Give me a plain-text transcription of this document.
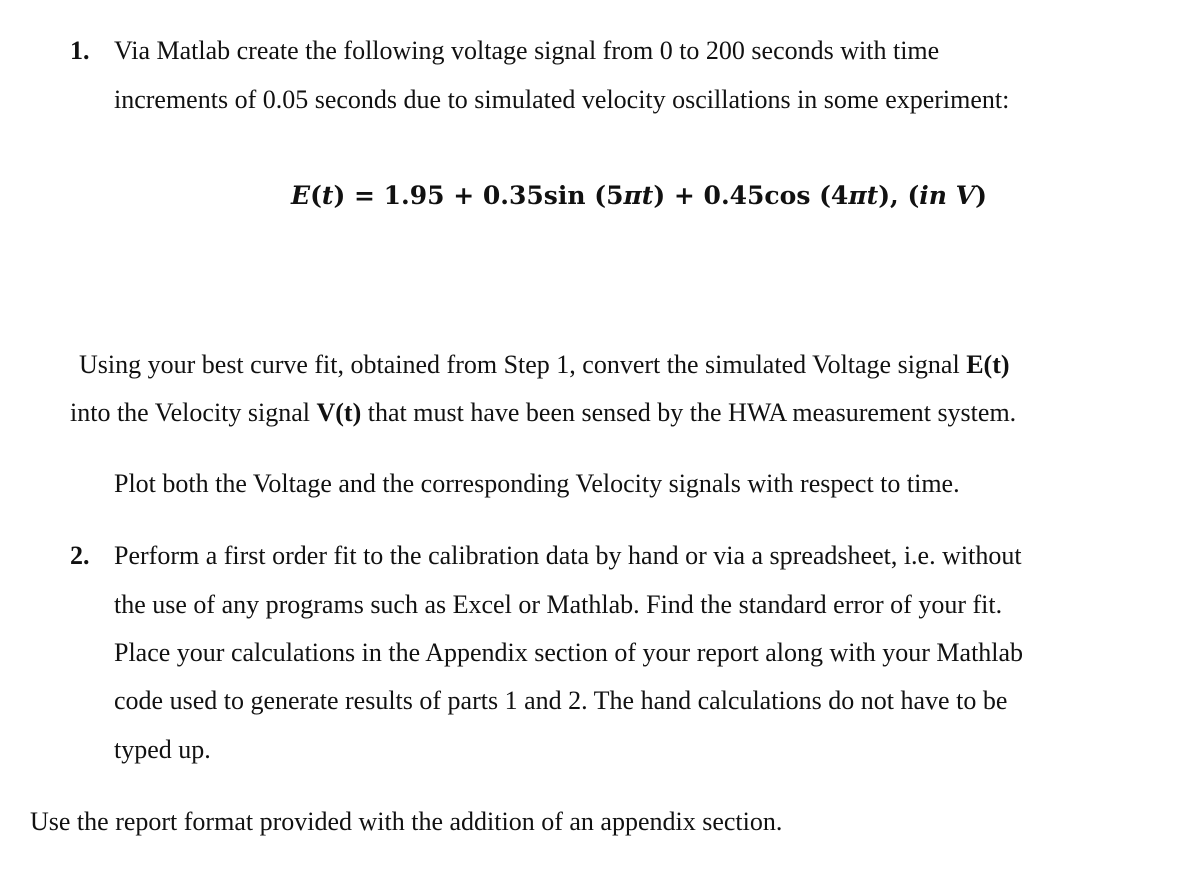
1. Via Matlab create the following voltage signal from 0 to 200 seconds with time
increments of 0.05 seconds due to simulated velocity oscillations in some experiment:
E(t) = 1.95 + 0.35sin (5πt) + 0.45cos (4πt), (in V)
Using your best curve fit, obtained from Step 1, convert the simulated Voltage signal E(t)
into the Velocity signal V(t) that must have been sensed by the HWA measurement system.
Plot both the Voltage and the corresponding Velocity signals with respect to time.
2. Perform a first order fit to the calibration data by hand or via a spreadsheet, i.e. without
the use of any programs such as Excel or Mathlab. Find the standard error of your fit.
Place your calculations in the Appendix section of your report along with your Mathlab
code used to generate results of parts 1 and 2. The hand calculations do not have to be
typed up.
Use the report format provided with the addition of an appendix section.
